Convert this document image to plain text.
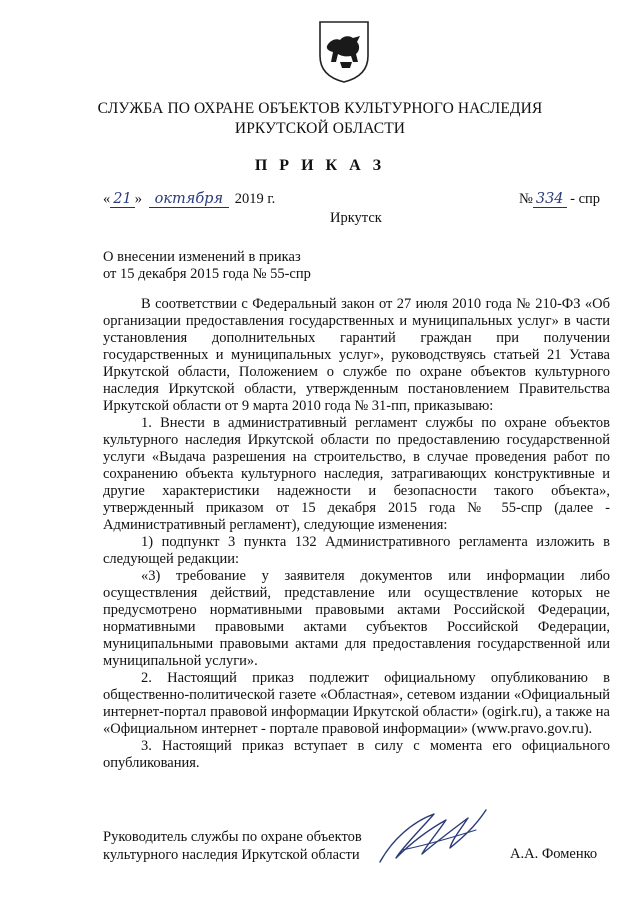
СЛУЖБА ПО ОХРАНЕ ОБЪЕКТОВ КУЛЬТУРНОГО НАСЛЕДИЯ
ИРКУТСКОЙ ОБЛАСТИ
П Р И К А З
« 21 » октября 2019 г.	№ 334 - спр
Иркутск
О внесении изменений в приказ
от 15 декабря 2015 года № 55-спр

В соответствии с Федеральный закон от 27 июля 2010 года № 210-ФЗ «Об организации предоставления государственных и муниципальных услуг» в части установления дополнительных гарантий граждан при получении государственных и муниципальных услуг», руководствуясь статьей 21 Устава Иркутской области, Положением о службе по охране объектов культурного наследия Иркутской области, утвержденным постановлением Правительства Иркутской области от 9 марта 2010 года № 31-пп, приказываю:

1. Внести в административный регламент службы по охране объектов культурного наследия Иркутской области по предоставлению государственной услуги «Выдача разрешения на строительство, в случае проведения работ по сохранению объекта культурного наследия, затрагивающих конструктивные и другие характеристики надежности и безопасности такого объекта», утвержденный приказом от 15 декабря 2015 года № 55-спр (далее - Административный регламент), следующие изменения:

1) подпункт 3 пункта 132 Административного регламента изложить в следующей редакции:

«3) требование у заявителя документов или информации либо осуществления действий, представление или осуществление которых не предусмотрено нормативными правовыми актами Российской Федерации, нормативными правовыми актами субъектов Российской Федерации, муниципальными правовыми актами для предоставления государственной или муниципальной услуги».

2. Настоящий приказ подлежит официальному опубликованию в общественно-политической газете «Областная», сетевом издании «Официальный интернет-портал правовой информации Иркутской области» (ogirk.ru), а также на «Официальном интернет - портале правовой информации» (www.pravo.gov.ru).

3. Настоящий приказ вступает в силу с момента его официального опубликования.

Руководитель службы по охране объектов
культурного наследия Иркутской области	А.А. Фоменко
